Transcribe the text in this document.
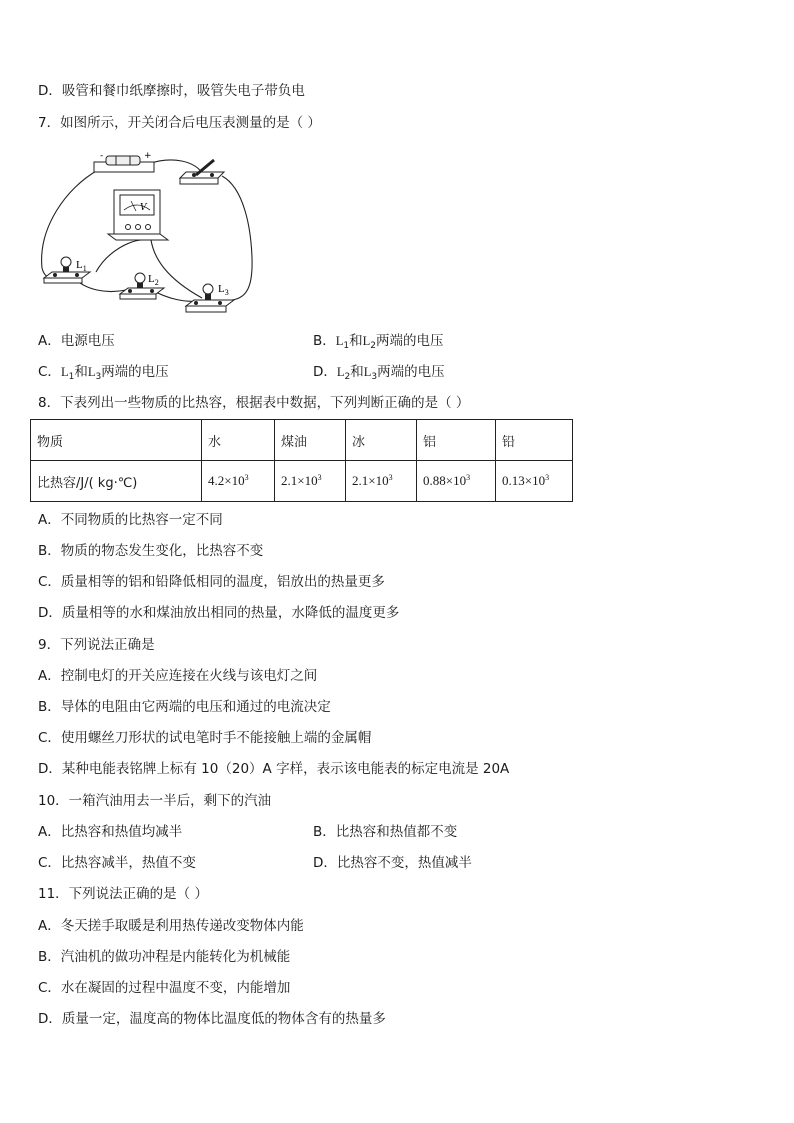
D．吸管和餐巾纸摩擦时，吸管失电子带负电
7．如图所示，开关闭合后电压表测量的是（ ）
-	+
V
$L_1$
$L_2$
$L_3$
A．电源电压	B．$L_1$和$L_2$两端的电压
C．$L_1$和$L_3$两端的电压	D．$L_2$和$L_3$两端的电压
8．下表列出一些物质的比热容，根据表中数据，下列判断正确的是（ ）
物质	水	煤油	冰	铝	铅
比热容/J/( kg·℃)	$4.2\times 10^3$	$2.1\times 10^3$	$2.1\times 10^3$	$0.88\times 10^3$	$0.13\times 10^3$
A．不同物质的比热容一定不同
B．物质的物态发生变化，比热容不变
C．质量相等的铝和铅降低相同的温度，铝放出的热量更多
D．质量相等的水和煤油放出相同的热量，水降低的温度更多
9．下列说法正确是
A．控制电灯的开关应连接在火线与该电灯之间
B．导体的电阻由它两端的电压和通过的电流决定
C．使用螺丝刀形状的试电笔时手不能接触上端的金属帽
D．某种电能表铭牌上标有 10（20）A 字样，表示该电能表的标定电流是 20A
10．一箱汽油用去一半后，剩下的汽油
A．比热容和热值均减半	B．比热容和热值都不变
C．比热容减半，热值不变	D．比热容不变，热值减半
11．下列说法正确的是（ ）
A．冬天搓手取暖是利用热传递改变物体内能
B．汽油机的做功冲程是内能转化为机械能
C．水在凝固的过程中温度不变，内能增加
D．质量一定，温度高的物体比温度低的物体含有的热量多
